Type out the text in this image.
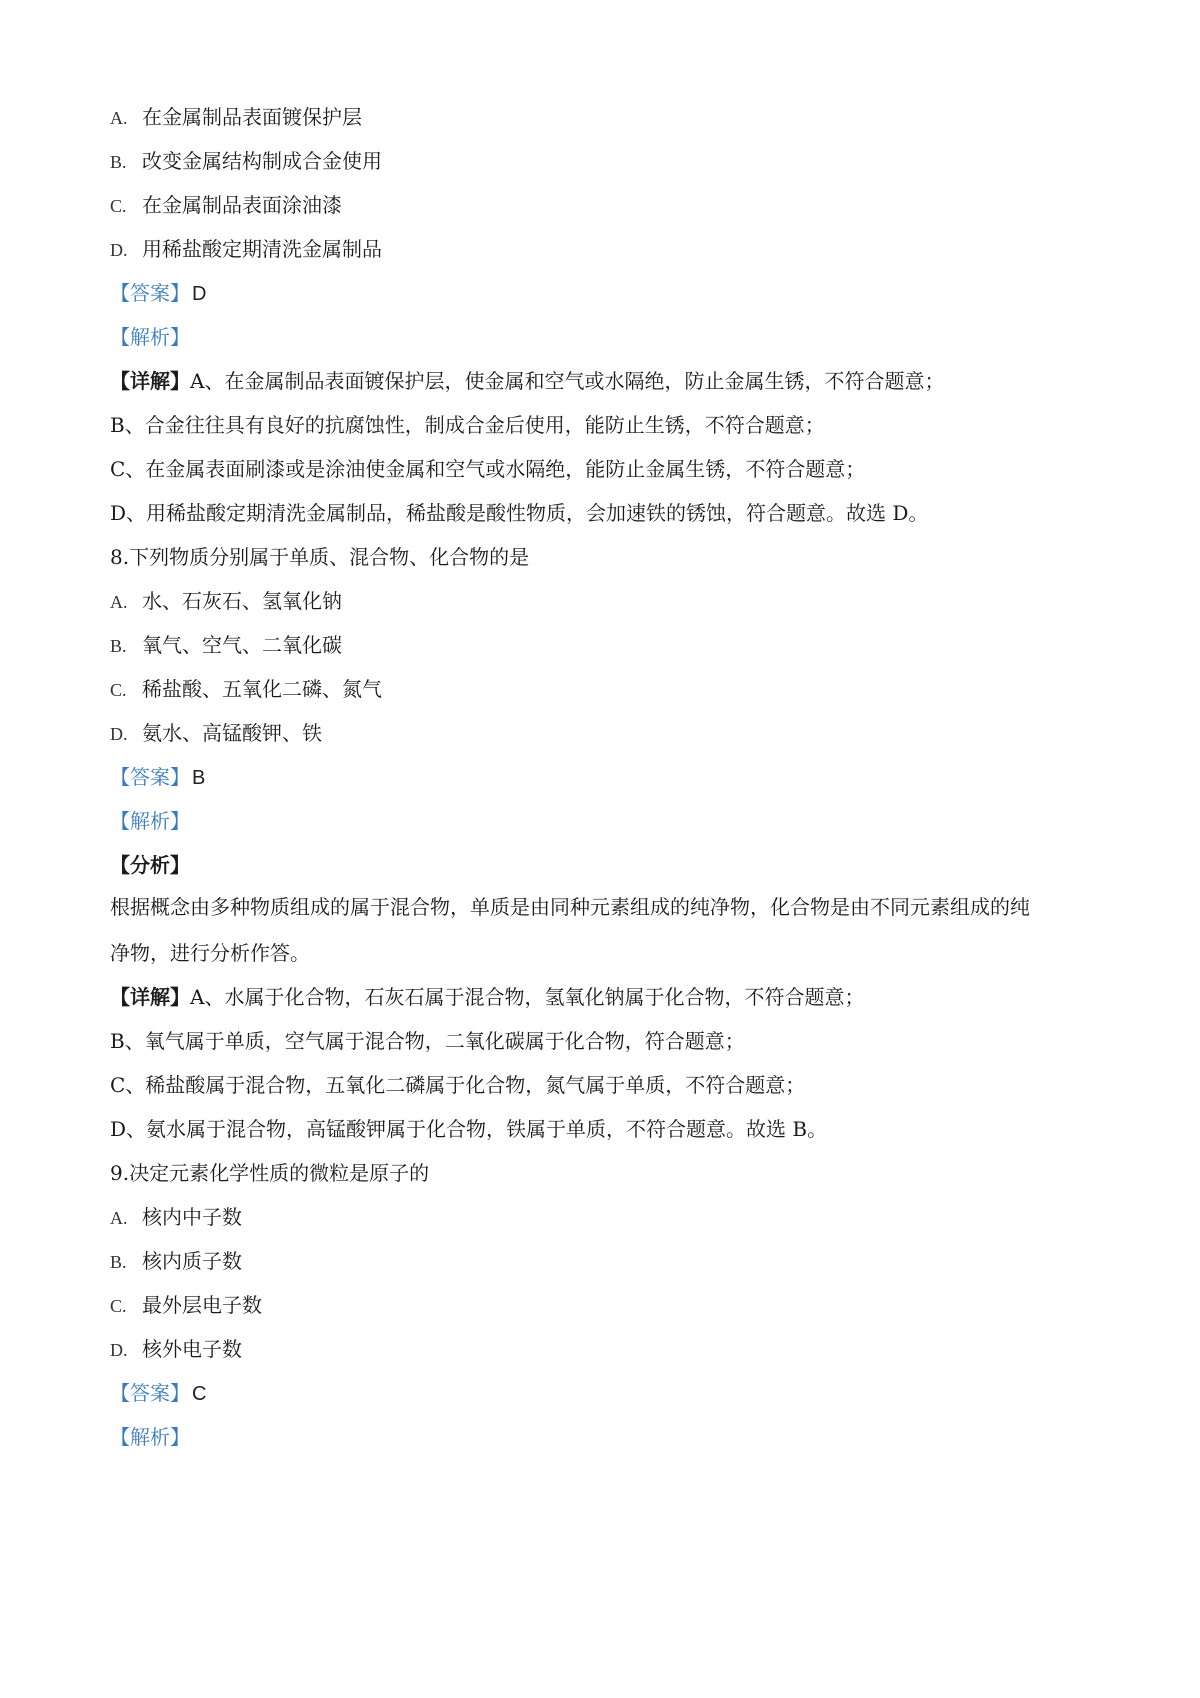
A. 在金属制品表面镀保护层
B. 改变金属结构制成合金使用
C. 在金属制品表面涂油漆
D. 用稀盐酸定期清洗金属制品
【答案】 D
【解析】
【详解】A、在金属制品表面镀保护层，使金属和空气或水隔绝，防止金属生锈，不符合题意；
B、合金往往具有良好的抗腐蚀性，制成合金后使用，能防止生锈，不符合题意；
C、在金属表面刷漆或是涂油使金属和空气或水隔绝，能防止金属生锈，不符合题意；
D、用稀盐酸定期清洗金属制品，稀盐酸是酸性物质，会加速铁的锈蚀，符合题意。故选 D。
8.下列物质分别属于单质、混合物、化合物的是
A. 水、石灰石、氢氧化钠
B. 氧气、空气、二氧化碳
C. 稀盐酸、五氧化二磷、氮气
D. 氨水、高锰酸钾、铁
【答案】 B
【解析】
【分析】
根据概念由多种物质组成的属于混合物，单质是由同种元素组成的纯净物，化合物是由不同元素组成的纯
净物，进行分析作答。
【详解】A、水属于化合物，石灰石属于混合物，氢氧化钠属于化合物，不符合题意；
B、氧气属于单质，空气属于混合物，二氧化碳属于化合物，符合题意；
C、稀盐酸属于混合物，五氧化二磷属于化合物，氮气属于单质，不符合题意；
D、氨水属于混合物，高锰酸钾属于化合物，铁属于单质，不符合题意。故选 B。
9.决定元素化学性质的微粒是原子的
A. 核内中子数
B. 核内质子数
C. 最外层电子数
D. 核外电子数
【答案】 C
【解析】
